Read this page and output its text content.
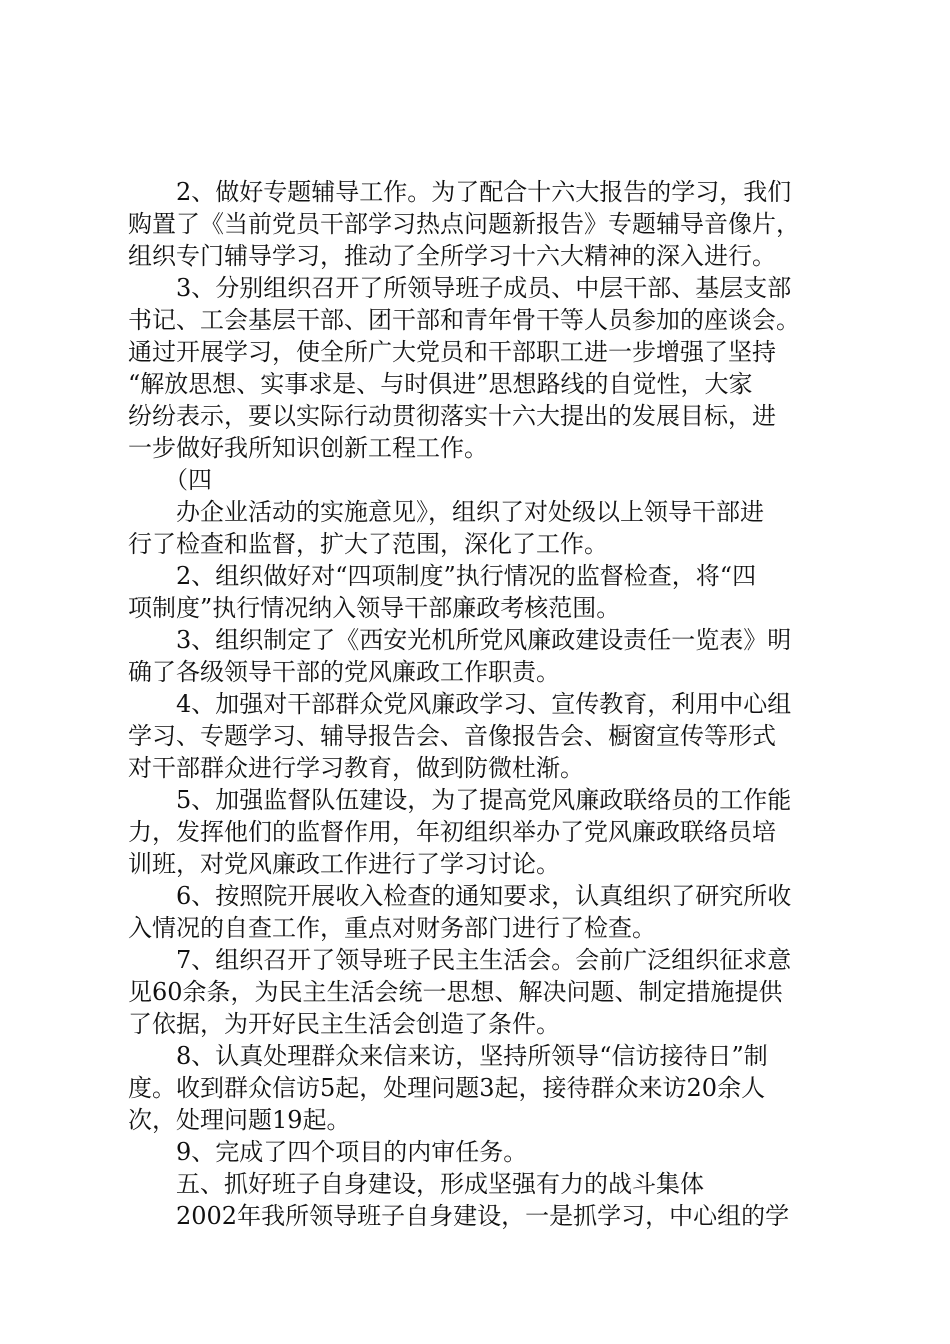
　　2、做好专题辅导工作。为了配合十六大报告的学习，我们
购置了《当前党员干部学习热点问题新报告》专题辅导音像片，
组织专门辅导学习，推动了全所学习十六大精神的深入进行。
　　3、分别组织召开了所领导班子成员、中层干部、基层支部
书记、工会基层干部、团干部和青年骨干等人员参加的座谈会。
通过开展学习，使全所广大党员和干部职工进一步增强了坚持
“解放思想、实事求是、与时俱进”思想路线的自觉性，大家
纷纷表示，要以实际行动贯彻落实十六大提出的发展目标，进
一步做好我所知识创新工程工作。
　　（四
　　办企业活动的实施意见》，组织了对处级以上领导干部进
行了检查和监督，扩大了范围，深化了工作。
　　2、组织做好对“四项制度”执行情况的监督检查，将“四
项制度”执行情况纳入领导干部廉政考核范围。
　　3、组织制定了《西安光机所党风廉政建设责任一览表》明
确了各级领导干部的党风廉政工作职责。
　　4、加强对干部群众党风廉政学习、宣传教育，利用中心组
学习、专题学习、辅导报告会、音像报告会、橱窗宣传等形式
对干部群众进行学习教育，做到防微杜渐。
　　5、加强监督队伍建设，为了提高党风廉政联络员的工作能
力，发挥他们的监督作用，年初组织举办了党风廉政联络员培
训班，对党风廉政工作进行了学习讨论。
　　6、按照院开展收入检查的通知要求，认真组织了研究所收
入情况的自查工作，重点对财务部门进行了检查。
　　7、组织召开了领导班子民主生活会。会前广泛组织征求意
见60余条，为民主生活会统一思想、解决问题、制定措施提供
了依据，为开好民主生活会创造了条件。
　　8、认真处理群众来信来访，坚持所领导“信访接待日”制
度。收到群众信访5起，处理问题3起，接待群众来访20余人
次，处理问题19起。
　　9、完成了四个项目的内审任务。
　　五、抓好班子自身建设，形成坚强有力的战斗集体
　　2002年我所领导班子自身建设，一是抓学习，中心组的学
